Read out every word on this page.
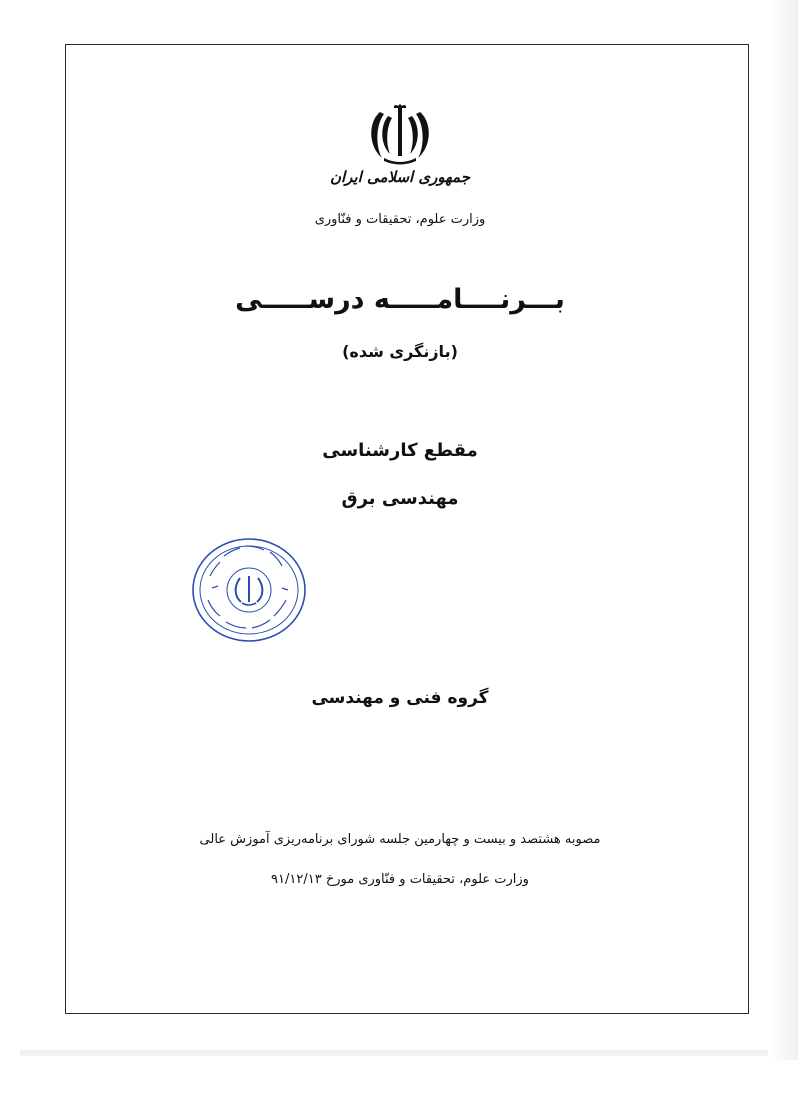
جمهوری اسلامی ایران
وزارت علوم، تحقیقات و فنّاوری
بـــرنــــامـــــه درســـــی
(بازنگری شده)
مقطع کارشناسی
مهندسی برق
گروه فنی و مهندسی
مصوبه هشتصد و بیست و چهارمین جلسه شورای برنامه‌ریزی آموزش عالی
وزارت علوم، تحقیقات و فنّاوری مورخ ۹۱/۱۲/۱۳
